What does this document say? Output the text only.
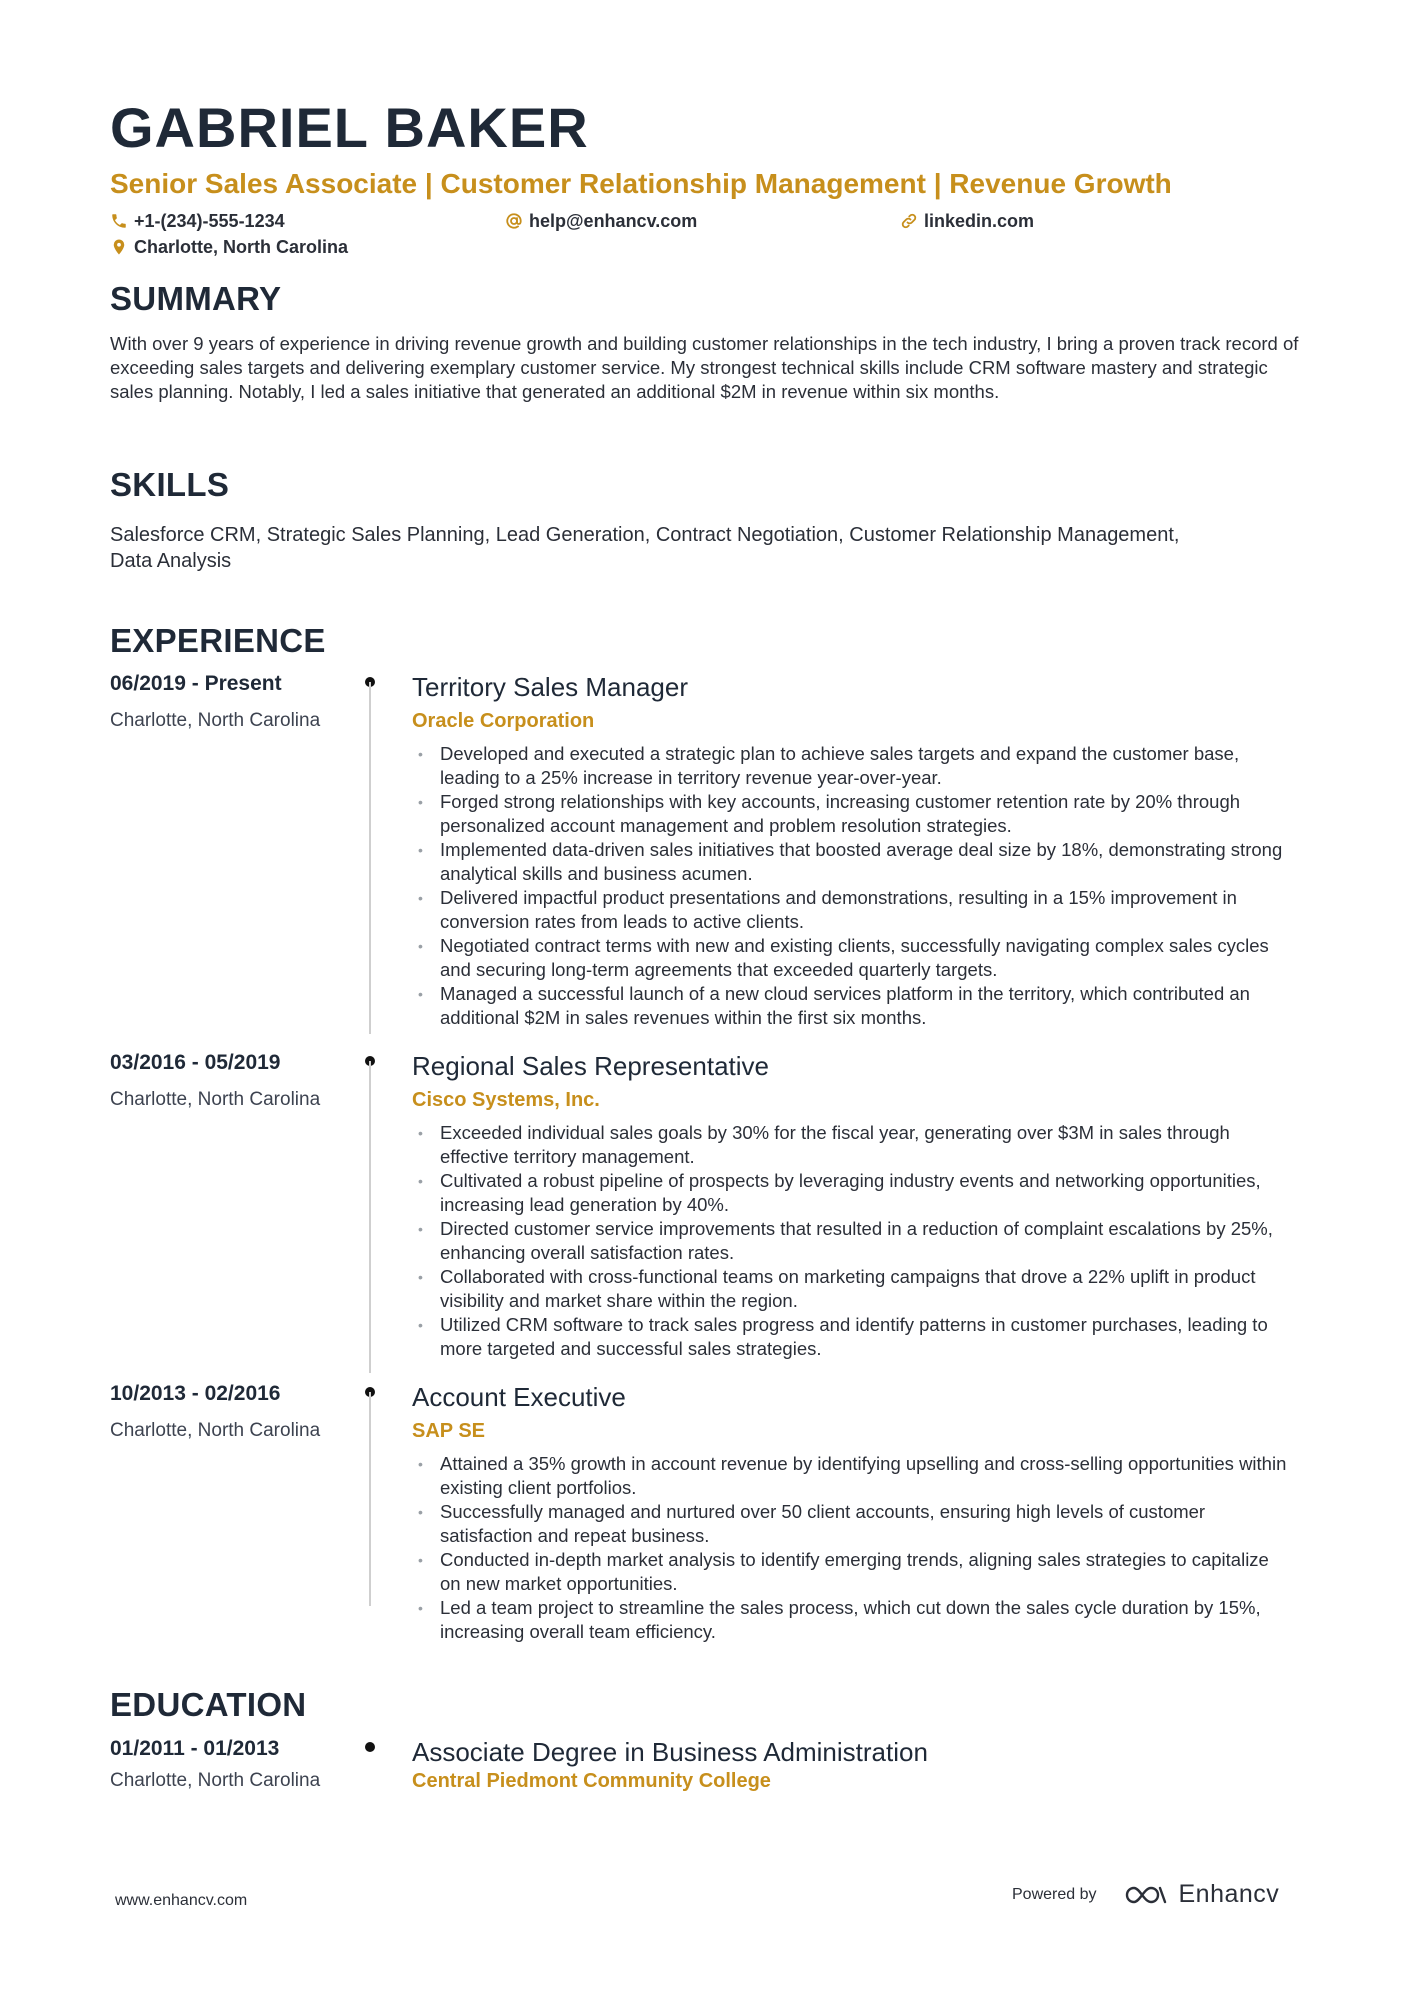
GABRIEL BAKER
Senior Sales Associate | Customer Relationship Management | Revenue Growth
+1-(234)-555-1234	help@enhancv.com	linkedin.com
Charlotte, North Carolina
SUMMARY
With over 9 years of experience in driving revenue growth and building customer relationships in the tech industry, I bring a proven track record of exceeding sales targets and delivering exemplary customer service. My strongest technical skills include CRM software mastery and strategic sales planning. Notably, I led a sales initiative that generated an additional $2M in revenue within six months.
SKILLS
Salesforce CRM, Strategic Sales Planning, Lead Generation, Contract Negotiation, Customer Relationship Management, Data Analysis
EXPERIENCE
06/2019 - Present
Charlotte, North Carolina
Territory Sales Manager
Oracle Corporation
• Developed and executed a strategic plan to achieve sales targets and expand the customer base, leading to a 25% increase in territory revenue year-over-year.
• Forged strong relationships with key accounts, increasing customer retention rate by 20% through personalized account management and problem resolution strategies.
• Implemented data-driven sales initiatives that boosted average deal size by 18%, demonstrating strong analytical skills and business acumen.
• Delivered impactful product presentations and demonstrations, resulting in a 15% improvement in conversion rates from leads to active clients.
• Negotiated contract terms with new and existing clients, successfully navigating complex sales cycles and securing long-term agreements that exceeded quarterly targets.
• Managed a successful launch of a new cloud services platform in the territory, which contributed an additional $2M in sales revenues within the first six months.
03/2016 - 05/2019
Charlotte, North Carolina
Regional Sales Representative
Cisco Systems, Inc.
• Exceeded individual sales goals by 30% for the fiscal year, generating over $3M in sales through effective territory management.
• Cultivated a robust pipeline of prospects by leveraging industry events and networking opportunities, increasing lead generation by 40%.
• Directed customer service improvements that resulted in a reduction of complaint escalations by 25%, enhancing overall satisfaction rates.
• Collaborated with cross-functional teams on marketing campaigns that drove a 22% uplift in product visibility and market share within the region.
• Utilized CRM software to track sales progress and identify patterns in customer purchases, leading to more targeted and successful sales strategies.
10/2013 - 02/2016
Charlotte, North Carolina
Account Executive
SAP SE
• Attained a 35% growth in account revenue by identifying upselling and cross-selling opportunities within existing client portfolios.
• Successfully managed and nurtured over 50 client accounts, ensuring high levels of customer satisfaction and repeat business.
• Conducted in-depth market analysis to identify emerging trends, aligning sales strategies to capitalize on new market opportunities.
• Led a team project to streamline the sales process, which cut down the sales cycle duration by 15%, increasing overall team efficiency.
EDUCATION
01/2011 - 01/2013
Charlotte, North Carolina
Associate Degree in Business Administration
Central Piedmont Community College
www.enhancv.com	Powered by	Enhancv
